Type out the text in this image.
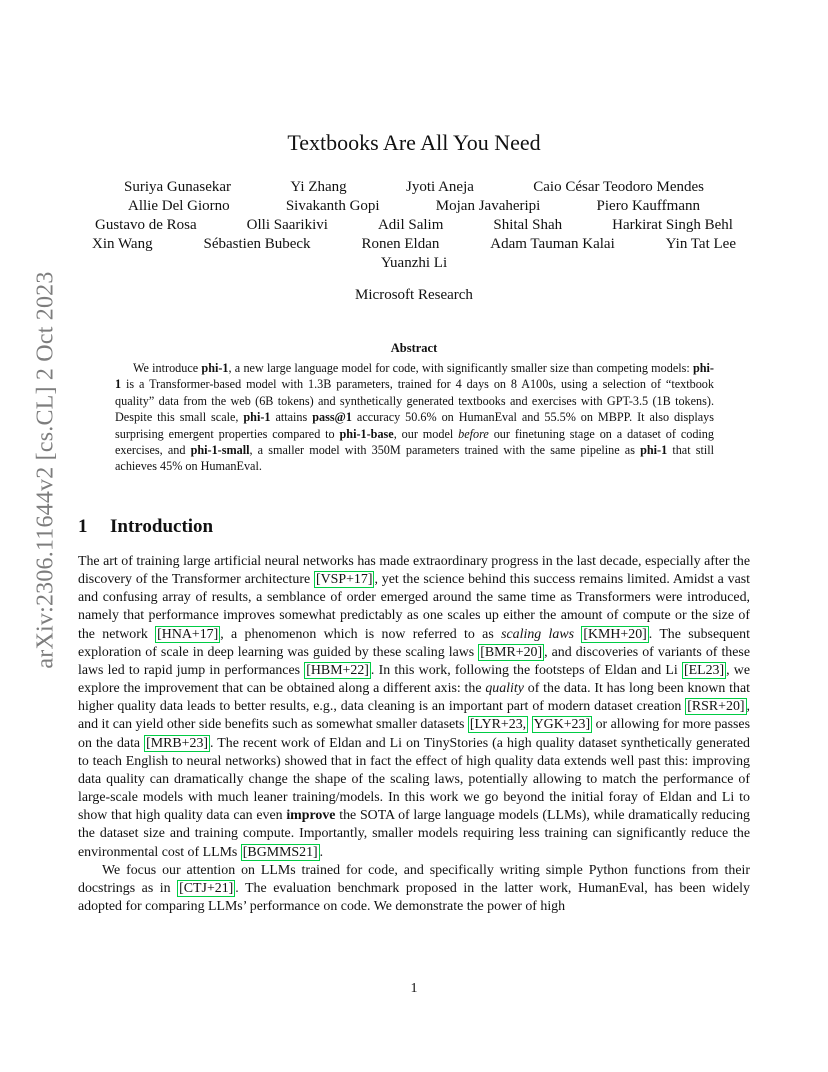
arXiv:2306.11644v2 [cs.CL] 2 Oct 2023
Textbooks Are All You Need
Suriya Gunasekar	Yi Zhang	Jyoti Aneja	Caio César Teodoro Mendes
Allie Del Giorno	Sivakanth Gopi	Mojan Javaheripi	Piero Kauffmann
Gustavo de Rosa	Olli Saarikivi	Adil Salim	Shital Shah	Harkirat Singh Behl
Xin Wang	Sébastien Bubeck	Ronen Eldan	Adam Tauman Kalai	Yin Tat Lee
Yuanzhi Li
Microsoft Research
Abstract
We introduce phi-1, a new large language model for code, with significantly smaller size than competing models: phi-1 is a Transformer-based model with 1.3B parameters, trained for 4 days on 8 A100s, using a selection of “textbook quality” data from the web (6B tokens) and synthetically generated textbooks and exercises with GPT-3.5 (1B tokens). Despite this small scale, phi-1 attains pass@1 accuracy 50.6% on HumanEval and 55.5% on MBPP. It also displays surprising emergent properties compared to phi-1-base, our model before our finetuning stage on a dataset of coding exercises, and phi-1-small, a smaller model with 350M parameters trained with the same pipeline as phi-1 that still achieves 45% on HumanEval.
1 Introduction

The art of training large artificial neural networks has made extraordinary progress in the last decade, especially after the discovery of the Transformer architecture [VSP+17] , yet the science behind this success remains limited. Amidst a vast and confusing array of results, a semblance of order emerged around the same time as Transformers were introduced, namely that performance improves somewhat predictably as one scales up either the amount of compute or the size of the network [HNA+17] , a phenomenon which is now referred to as scaling laws [KMH+20] . The subsequent exploration of scale in deep learning was guided by these scaling laws [BMR+20] , and discoveries of variants of these laws led to rapid jump in performances [HBM+22] . In this work, following the footsteps of Eldan and Li [EL23] , we explore the improvement that can be obtained along a different axis: the quality of the data. It has long been known that higher quality data leads to better results, e.g., data cleaning is an important part of modern dataset creation [RSR+20] , and it can yield other side benefits such as somewhat smaller datasets [LYR+23, YGK+23] or allowing for more passes on the data [MRB+23] . The recent work of Eldan and Li on TinyStories (a high quality dataset synthetically generated to teach English to neural networks) showed that in fact the effect of high quality data extends well past this: improving data quality can dramatically change the shape of the scaling laws, potentially allowing to match the performance of large-scale models with much leaner training/models. In this work we go beyond the initial foray of Eldan and Li to show that high quality data can even improve the SOTA of large language models (LLMs), while dramatically reducing the dataset size and training compute. Importantly, smaller models requiring less training can significantly reduce the environmental cost of LLMs [BGMMS21] .

We focus our attention on LLMs trained for code, and specifically writing simple Python functions from their docstrings as in [CTJ+21] . The evaluation benchmark proposed in the latter work, HumanEval, has been widely adopted for comparing LLMs’ performance on code. We demonstrate the power of high

1
